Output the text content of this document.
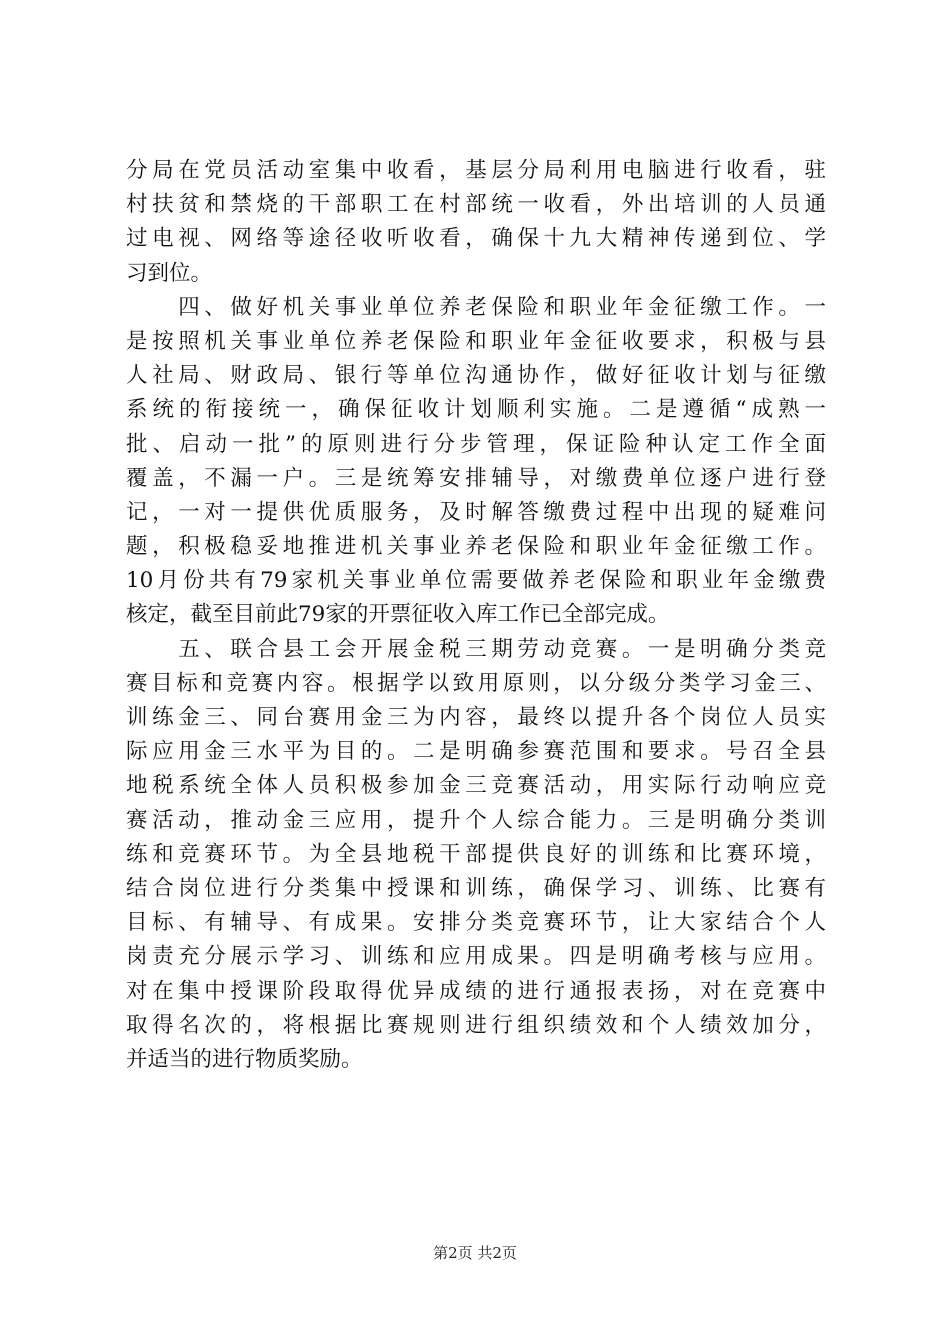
分局在党员活动室集中收看，基层分局利用电脑进行收看，驻
村扶贫和禁烧的干部职工在村部统一收看，外出培训的人员通
过电视、网络等途径收听收看，确保十九大精神传递到位、学
习到位。
　　四、做好机关事业单位养老保险和职业年金征缴工作。一
是按照机关事业单位养老保险和职业年金征收要求，积极与县
人社局、财政局、银行等单位沟通协作，做好征收计划与征缴
系统的衔接统一，确保征收计划顺利实施。二是遵循“成熟一
批、启动一批”的原则进行分步管理，保证险种认定工作全面
覆盖，不漏一户。三是统筹安排辅导，对缴费单位逐户进行登
记，一对一提供优质服务，及时解答缴费过程中出现的疑难问
题，积极稳妥地推进机关事业养老保险和职业年金征缴工作。
10月份共有79家机关事业单位需要做养老保险和职业年金缴费
核定，截至目前此79家的开票征收入库工作已全部完成。
　　五、联合县工会开展金税三期劳动竞赛。一是明确分类竞
赛目标和竞赛内容。根据学以致用原则，以分级分类学习金三、
训练金三、同台赛用金三为内容，最终以提升各个岗位人员实
际应用金三水平为目的。二是明确参赛范围和要求。号召全县
地税系统全体人员积极参加金三竞赛活动，用实际行动响应竞
赛活动，推动金三应用，提升个人综合能力。三是明确分类训
练和竞赛环节。为全县地税干部提供良好的训练和比赛环境，
结合岗位进行分类集中授课和训练，确保学习、训练、比赛有
目标、有辅导、有成果。安排分类竞赛环节，让大家结合个人
岗责充分展示学习、训练和应用成果。四是明确考核与应用。
对在集中授课阶段取得优异成绩的进行通报表扬，对在竞赛中
取得名次的，将根据比赛规则进行组织绩效和个人绩效加分，
并适当的进行物质奖励。
第2页 共2页
